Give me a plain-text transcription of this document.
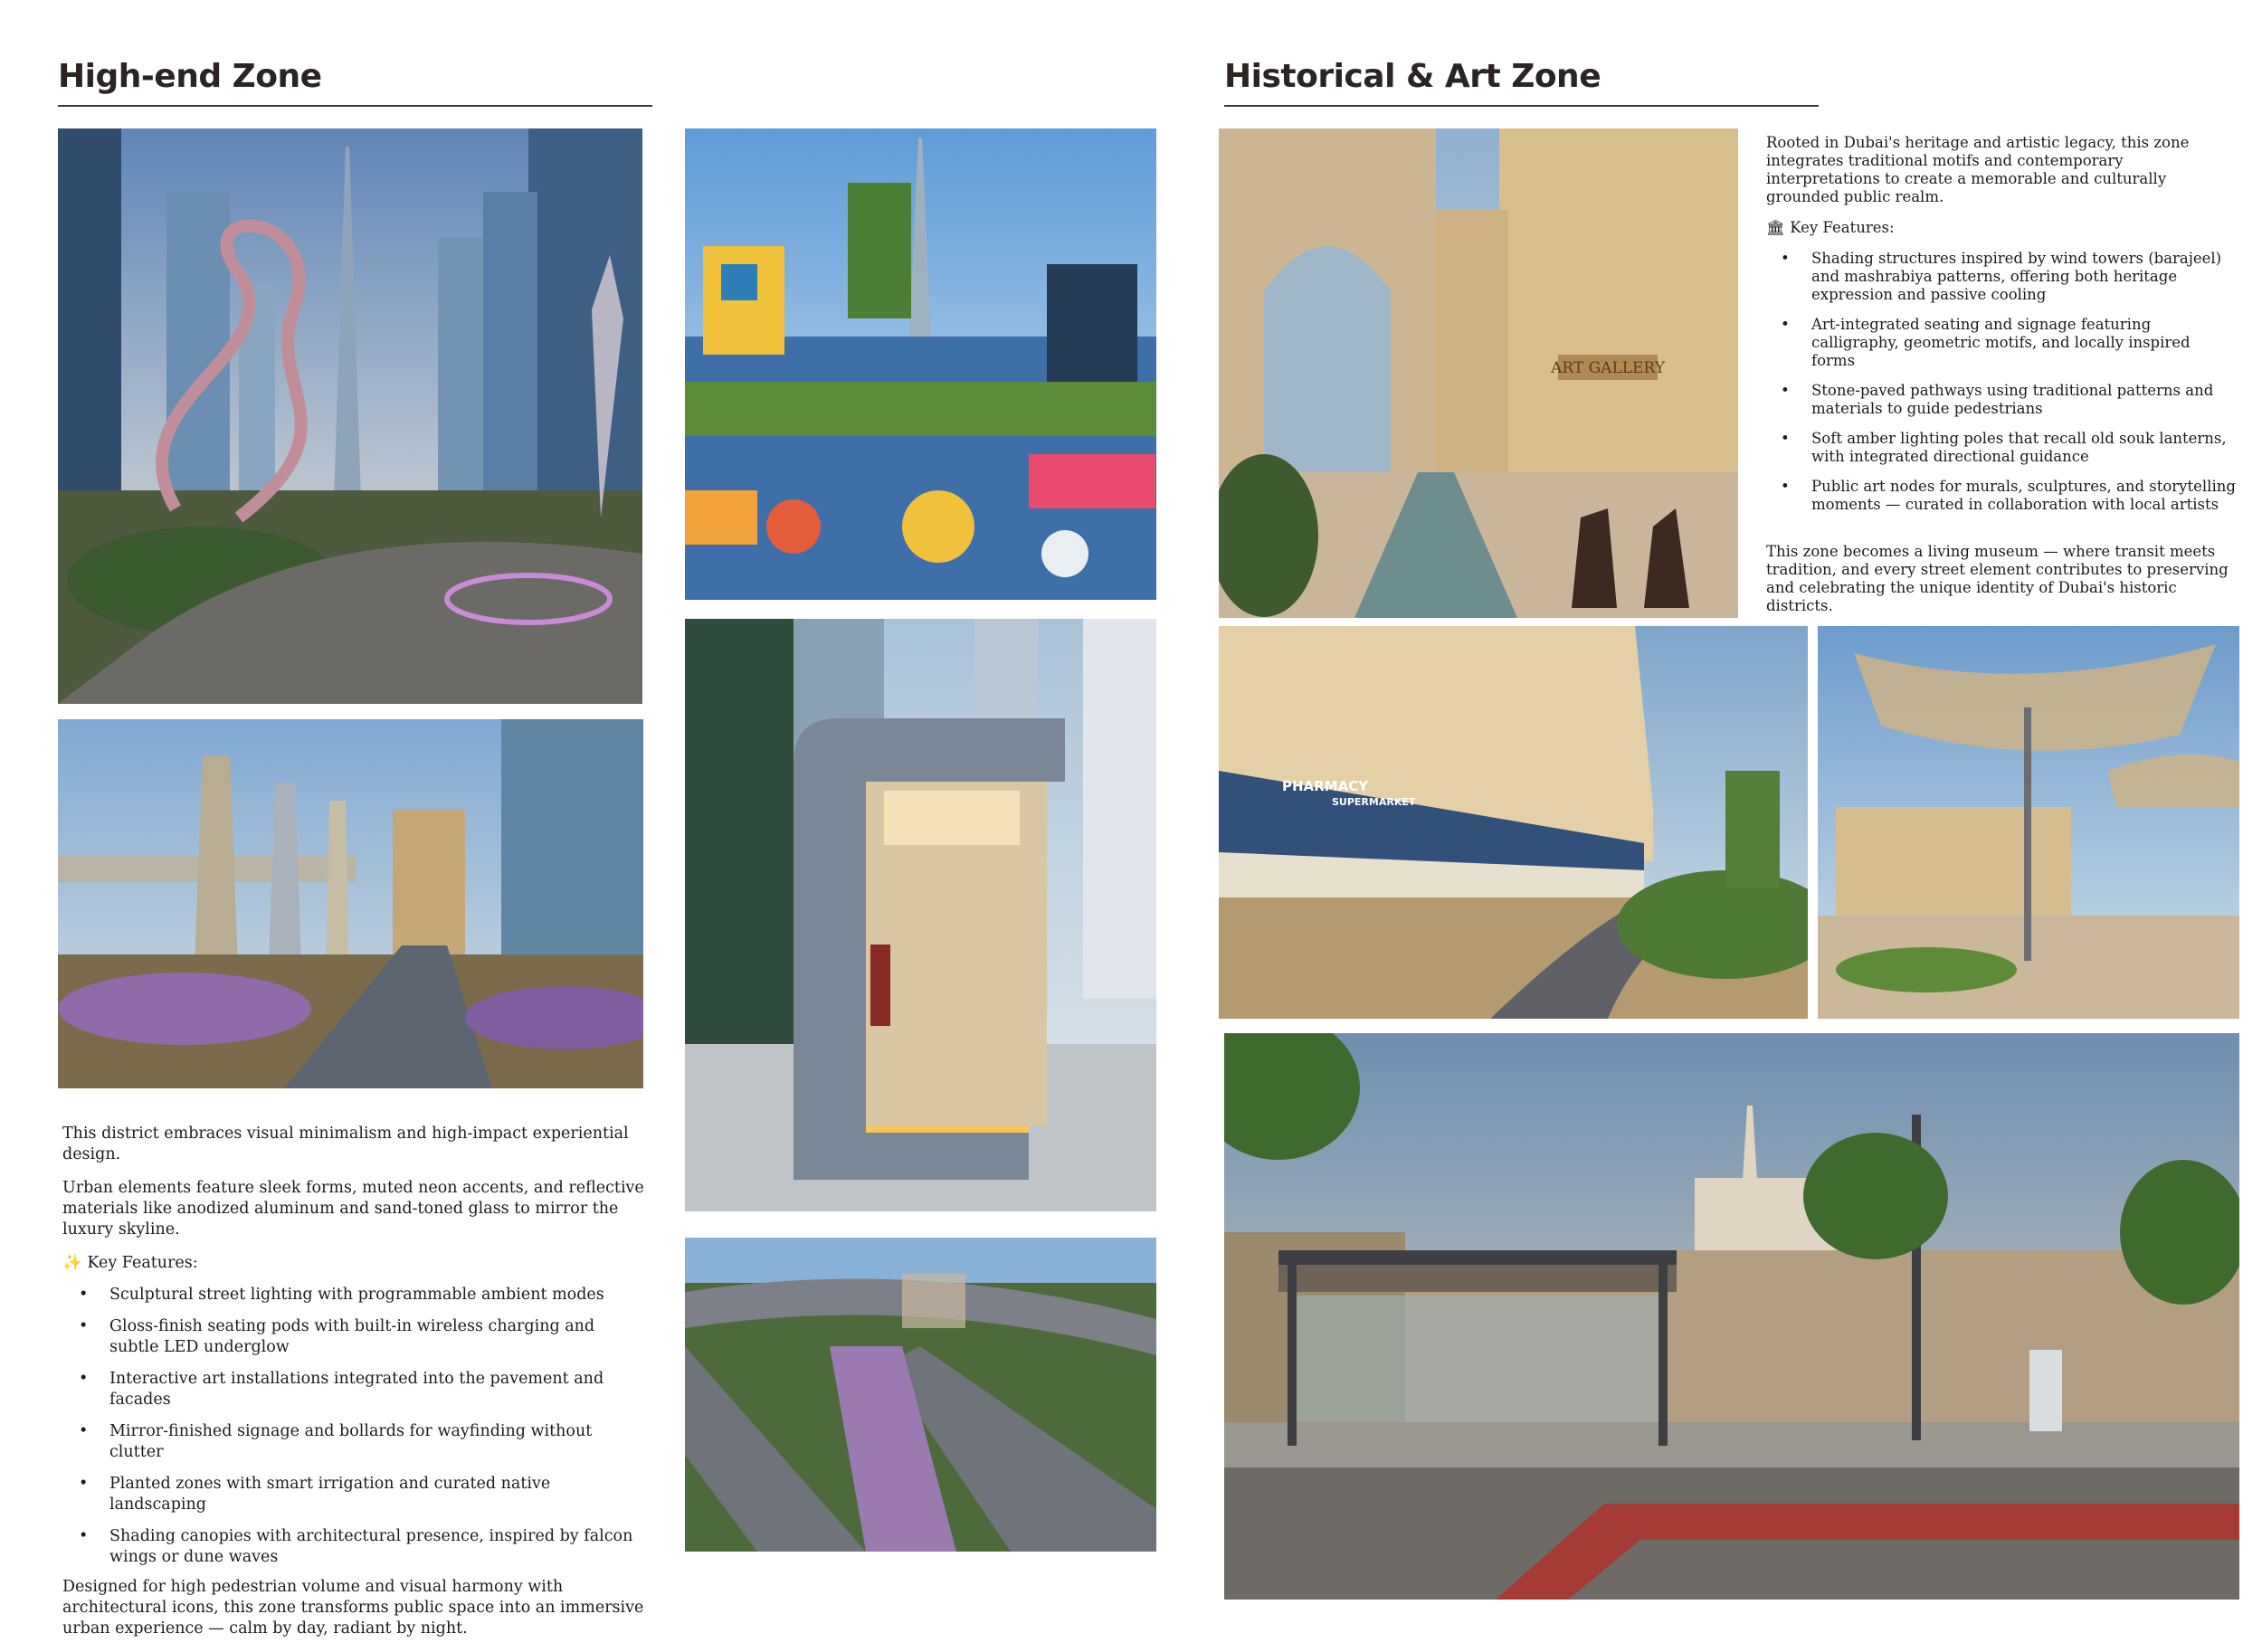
High-end Zone

This district embraces visual minimalism and high-impact experiential design.

Urban elements feature sleek forms, muted neon accents, and reflective materials like anodized aluminum and sand-toned glass to mirror the luxury skyline.

✨ Key Features:
• Sculptural street lighting with programmable ambient modes
• Gloss-finish seating pods with built-in wireless charging and subtle LED underglow
• Interactive art installations integrated into the pavement and facades
• Mirror-finished signage and bollards for wayfinding without clutter
• Planted zones with smart irrigation and curated native landscaping
• Shading canopies with architectural presence, inspired by falcon wings or dune waves

Designed for high pedestrian volume and visual harmony with architectural icons, this zone transforms public space into an immersive urban experience — calm by day, radiant by night.

Historical & Art Zone
ART GALLERY

Rooted in Dubai's heritage and artistic legacy, this zone integrates traditional motifs and contemporary interpretations to create a memorable and culturally grounded public realm.

🏛 Key Features:
• Shading structures inspired by wind towers (barajeel) and mashrabiya patterns, offering both heritage expression and passive cooling
• Art-integrated seating and signage featuring calligraphy, geometric motifs, and locally inspired forms
• Stone-paved pathways using traditional patterns and materials to guide pedestrians
• Soft amber lighting poles that recall old souk lanterns, with integrated directional guidance
• Public art nodes for murals, sculptures, and storytelling moments — curated in collaboration with local artists

This zone becomes a living museum — where transit meets tradition, and every street element contributes to preserving and celebrating the unique identity of Dubai's historic districts.

PHARMACY
SUPERMARKET
